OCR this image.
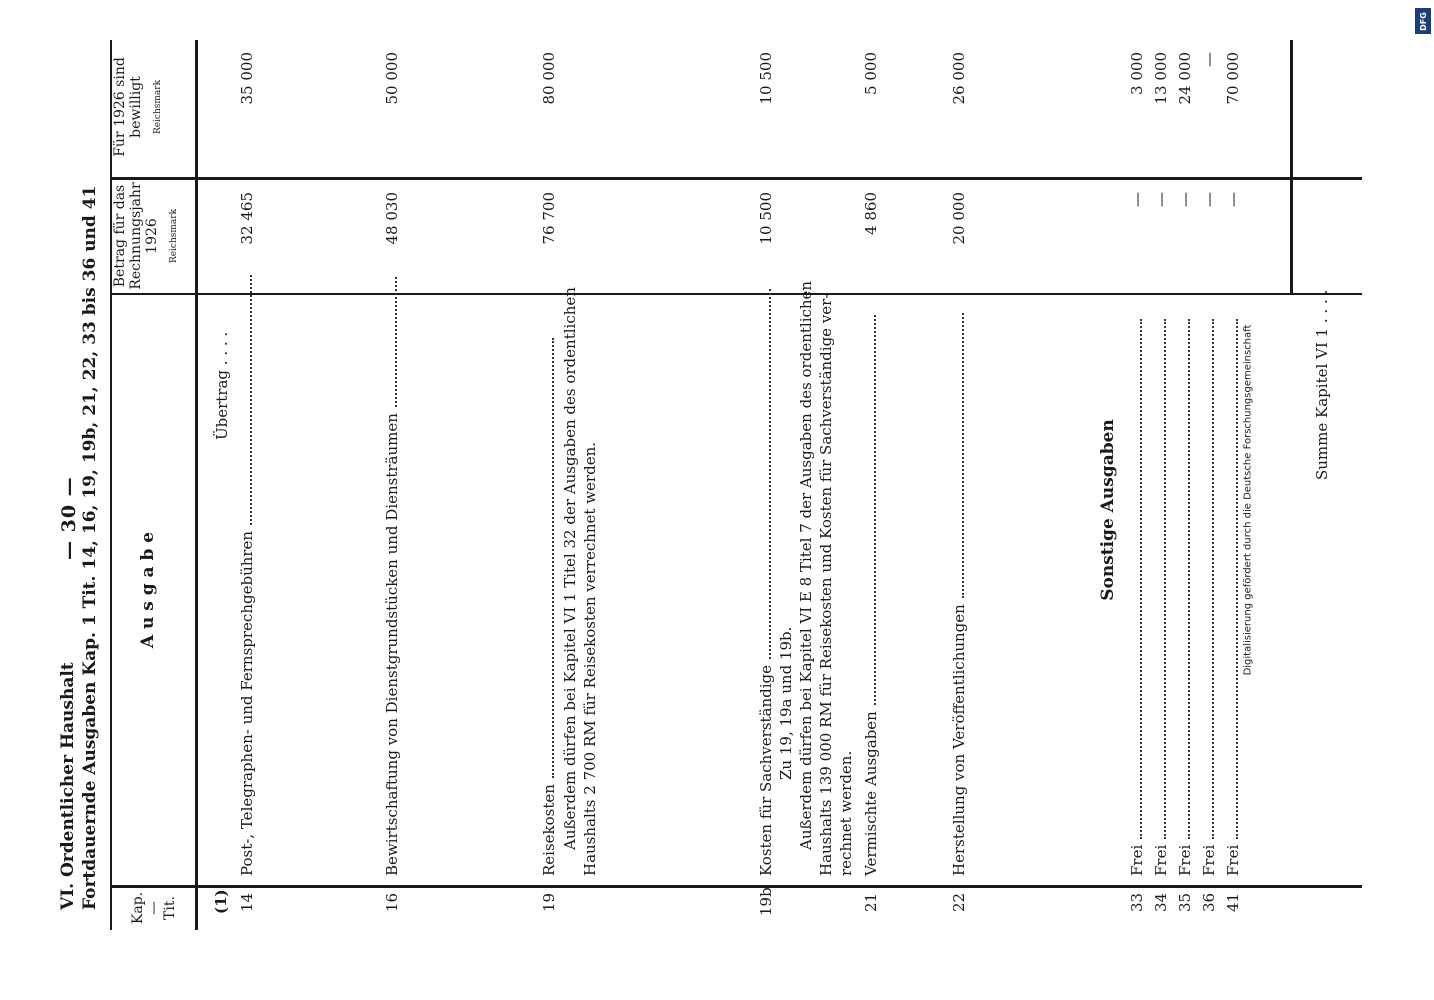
VI. Ordentlicher Haushalt Fortdauernde Ausgaben Kap. 1 Tit. 14, 16, 19, 19b, 21, 22, 33 bis 36 und 41
— 30 —
Kap. — Tit.
A u s g a b e
Betrag für das Rechnungsjahr 1926	Reichsmark
Für 1926 sind bewilligt	Reichsmark
(1)
Übertrag . . . .
14
Post-, Telegraphen- und Fernsprechgebühren
32 465
35 000
16
Bewirtschaftung von Dienstgrundstücken und Diensträumen
48 030
50 000
19
Reisekosten Außerdem dürfen bei Kapitel VI 1 Titel 32 der Ausgaben des ordentlichen Haushalts 2 700 RM für Reisekosten verrechnet werden.
76 700
80 000
19b
Kosten für Sachverständige Zu 19, 19a und 19b. Außerdem dürfen bei Kapitel VI E 8 Titel 7 der Ausgaben des ordentlichen Haushalts 139 000 RM für Reisekosten und Kosten für Sachverständige ver- rechnet werden.
10 500
10 500
21
Vermischte Ausgaben
4 860
5 000
22
Herstellung von Veröffentlichungen
20 000
26 000
Sonstige Ausgaben
33
Frei
—
3 000
34
Frei
—
13 000
35
Frei
—
24 000
36
Frei
—
—
41
Frei
—
70 000
Summe Kapitel VI 1 . . . .
Digitalisierung gefördert durch die Deutsche Forschungsgemeinschaft
DFG
